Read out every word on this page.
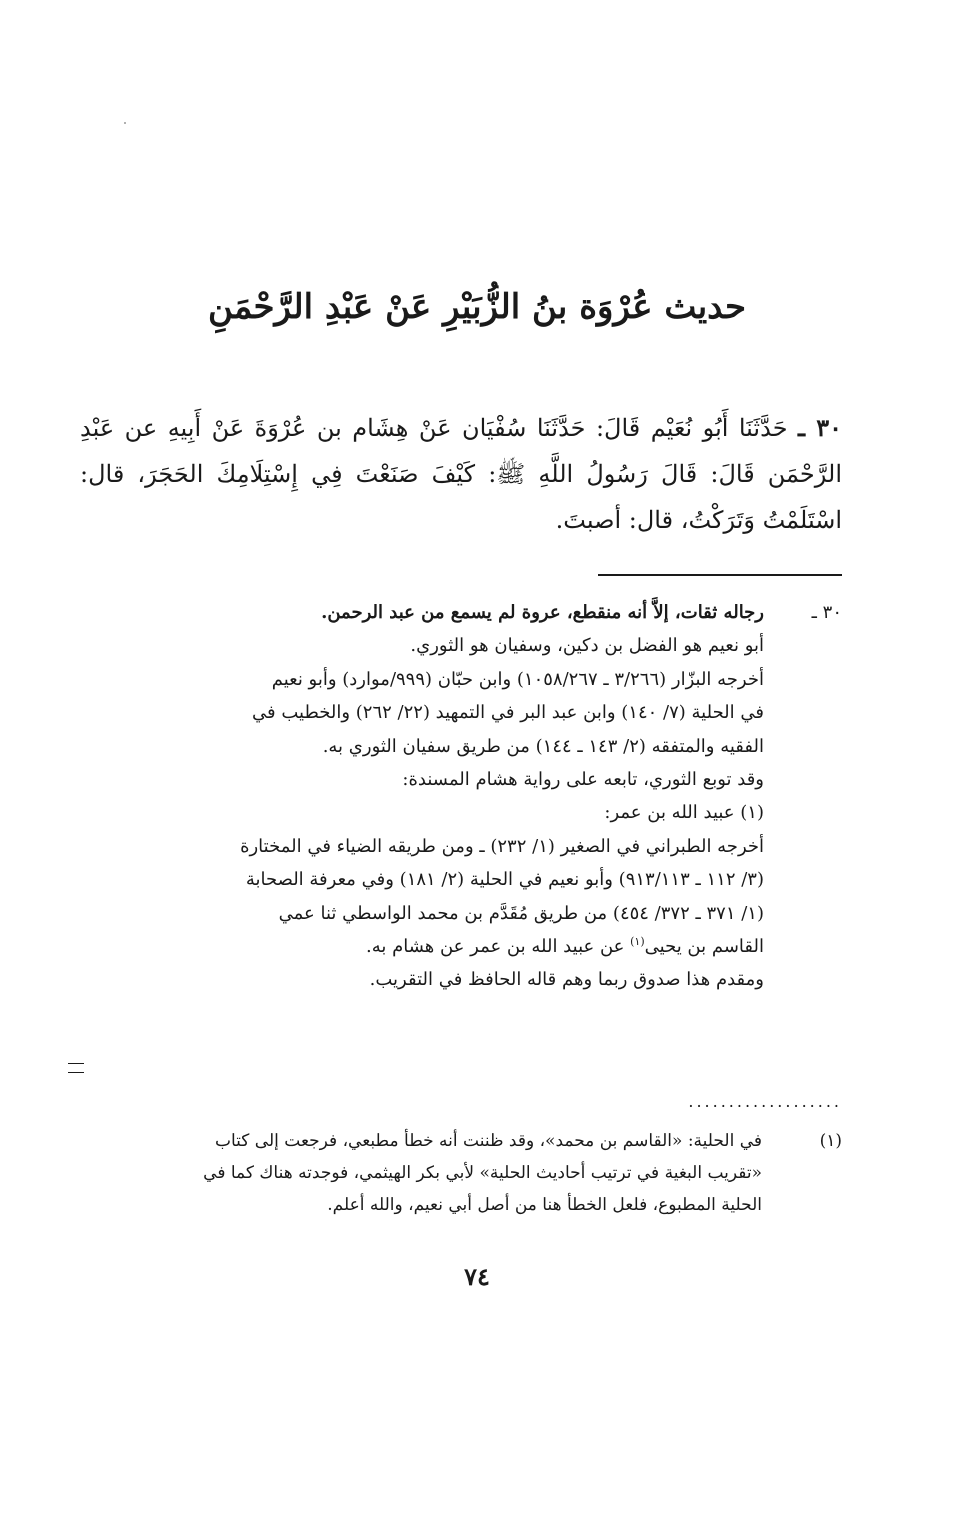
حديث عُرْوَة بنُ الزُّبَيْرِ عَنْ عَبْدِ الرَّحْمَنِ
٣٠ ـ حَدَّثَنَا أَبُو نُعَيْم قَالَ: حَدَّثَنَا سُفْيَان عَنْ هِشَام بن عُرْوَةَ عَنْ أَبِيهِ عن عَبْدِ الرَّحْمَن قَالَ: قَالَ رَسُولُ اللَّهِ ﷺ: كَيْفَ صَنَعْتَ فِي إِسْتِلَامِكَ الحَجَرَ، قال: اسْتَلَمْتُ وَتَرَكْتُ، قال: أصبتَ.
٣٠ ـ
رجاله ثقات، إلاَّ أنه منقطع، عروة لم يسمع من عبد الرحمن.
أبو نعيم هو الفضل بن دكين، وسفيان هو الثوري.
أخرجه البزّار (٣/٢٦٦ ـ ١٠٥٨/٢٦٧) وابن حبّان (٩٩٩/موارد) وأبو نعيم
في الحلية (٧/ ١٤٠) وابن عبد البر في التمهيد (٢٢/ ٢٦٢) والخطيب في
الفقيه والمتفقه (٢/ ١٤٣ ـ ١٤٤) من طريق سفيان الثوري به.
وقد توبع الثوري، تابعه على رواية هشام المسندة:
(١) عبيد الله بن عمر:
أخرجه الطبراني في الصغير (١/ ٢٣٢) ـ ومن طريقه الضياء في المختارة
(٣/ ١١٢ ـ ٩١٣/١١٣) وأبو نعيم في الحلية (٢/ ١٨١) وفي معرفة الصحابة
(١/ ٣٧١ ـ ٣٧٢/ ٤٥٤) من طريق مُقَدَّم بن محمد الواسطي ثنا عمي
القاسم بن يحيى$^{(١)}$ عن عبيد الله بن عمر عن هشام به.
ومقدم هذا صدوق ربما وهم قاله الحافظ في التقريب.
...................
(١)
في الحلية: «القاسم بن محمد»، وقد ظننت أنه خطأ مطبعي، فرجعت إلى كتاب
«تقريب البغية في ترتيب أحاديث الحلية» لأبي بكر الهيثمي، فوجدته هناك كما في
الحلية المطبوع، فلعل الخطأ هنا من أصل أبي نعيم، والله أعلم.
٧٤
